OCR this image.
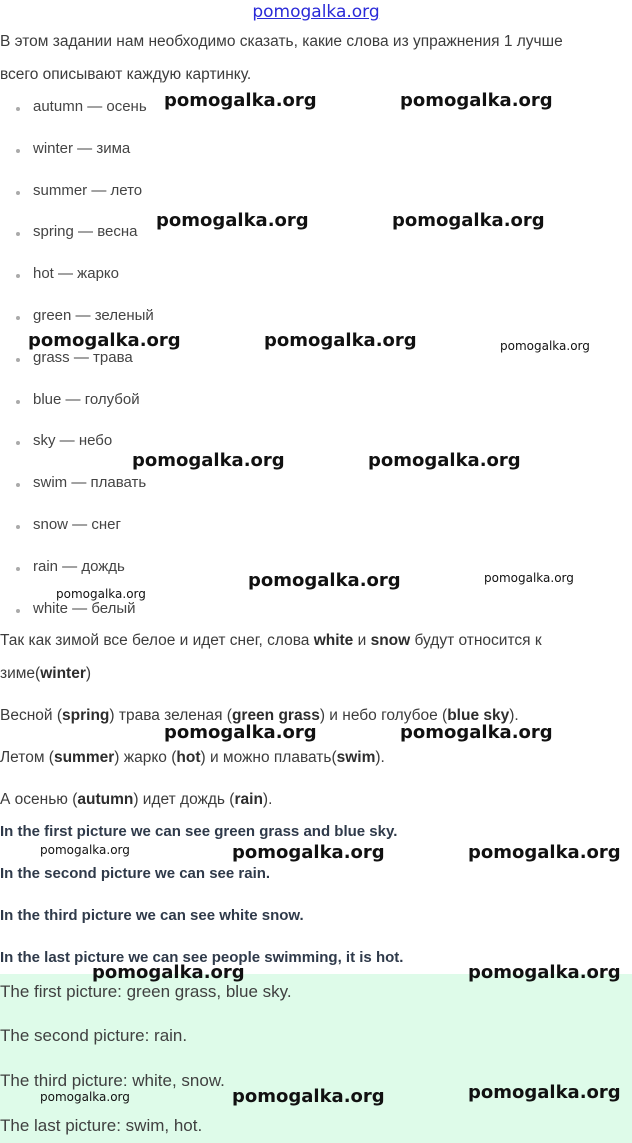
pomogalka.org
В этом задании нам необходимо сказать, какие слова из упражнения 1 лучше
всего описывают каждую картинку.
autumn — осень
winter — зима
summer — лето
spring — весна
hot — жарко
green — зеленый
grass — трава
blue — голубой
sky — небо
swim — плавать
snow — снег
rain — дождь
white — белый
Так как зимой все белое и идет снег, слова white и snow будут относится к
зиме(winter)
Весной (spring) трава зеленая (green grass) и небо голубое (blue sky).
Летом (summer) жарко (hot) и можно плавать(swim).
А осенью (autumn) идет дождь (rain).
In the first picture we can see green grass and blue sky.
In the second picture we can see rain.
In the third picture we can see white snow.
In the last picture we can see people swimming, it is hot.
The first picture: green grass, blue sky.
The second picture: rain.
The third picture: white, snow.
The last picture: swim, hot.
pomogalka.org	pomogalka.org
pomogalka.org	pomogalka.org
pomogalka.org	pomogalka.org	pomogalka.org
pomogalka.org	pomogalka.org
pomogalka.org	pomogalka.org
pomogalka.org
pomogalka.org	pomogalka.org
pomogalka.org	pomogalka.org	pomogalka.org
pomogalka.org	pomogalka.org
pomogalka.org	pomogalka.org	pomogalka.org
